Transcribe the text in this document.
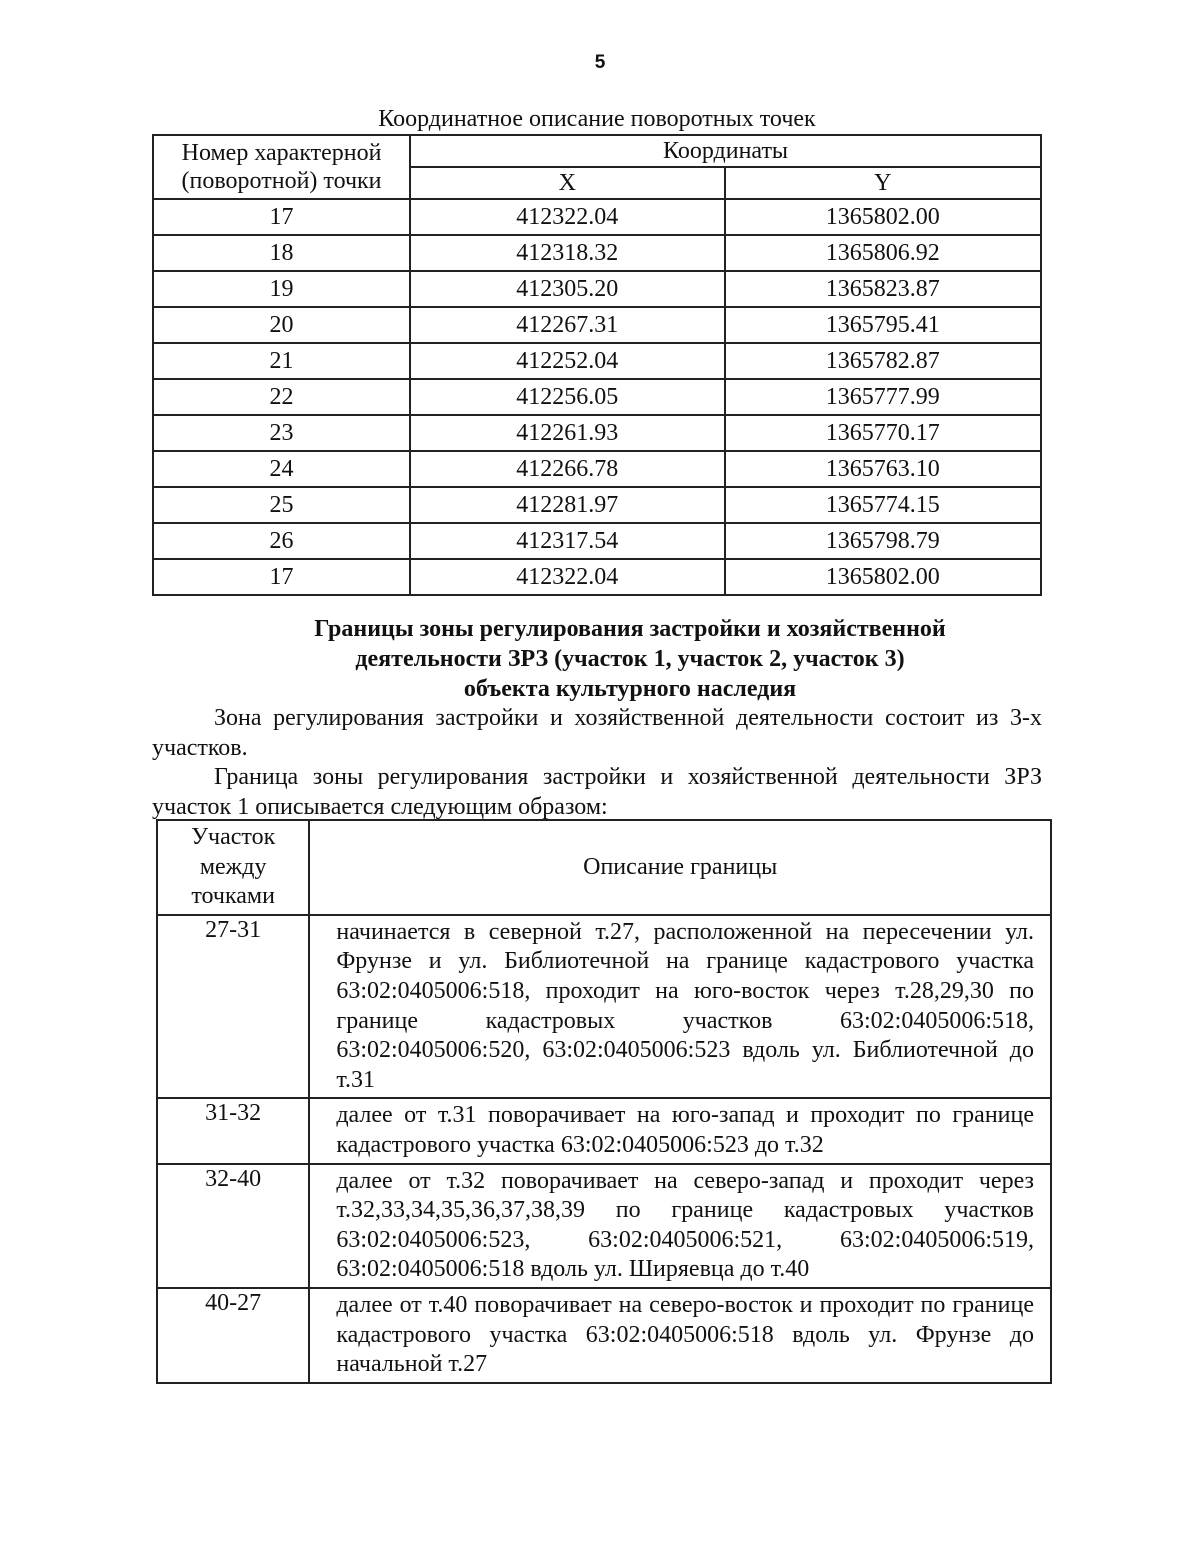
5
Координатное описание поворотных точек
Номер характерной (поворотной) точки	Координаты	
	X	Y
17	412322.04	1365802.00
18	412318.32	1365806.92
19	412305.20	1365823.87
20	412267.31	1365795.41
21	412252.04	1365782.87
22	412256.05	1365777.99
23	412261.93	1365770.17
24	412266.78	1365763.10
25	412281.97	1365774.15
26	412317.54	1365798.79
17	412322.04	1365802.00
Границы зоны регулирования застройки и хозяйственной
деятельности ЗРЗ (участок 1, участок 2, участок 3)
объекта культурного наследия
Зона регулирования застройки и хозяйственной деятельности состоит из 3-х участков.
Граница зоны регулирования застройки и хозяйственной деятельности ЗРЗ участок 1 описывается следующим образом:
Участок между точками	Описание границы
27-31	начинается в северной т.27, расположенной на пересечении ул. Фрунзе и ул. Библиотечной на границе кадастрового участка 63:02:0405006:518, проходит на юго-восток через т.28,29,30 по границе кадастровых участков 63:02:0405006:518, 63:02:0405006:520, 63:02:0405006:523 вдоль ул. Библиотечной до т.31
31-32	далее от т.31 поворачивает на юго-запад и проходит по границе кадастрового участка 63:02:0405006:523 до т.32
32-40	далее от т.32 поворачивает на северо-запад и проходит через т.32,33,34,35,36,37,38,39 по границе кадастровых участков 63:02:0405006:523, 63:02:0405006:521, 63:02:0405006:519, 63:02:0405006:518 вдоль ул. Ширяевца до т.40
40-27	далее от т.40 поворачивает на северо-восток и проходит по границе кадастрового участка 63:02:0405006:518 вдоль ул. Фрунзе до начальной т.27
